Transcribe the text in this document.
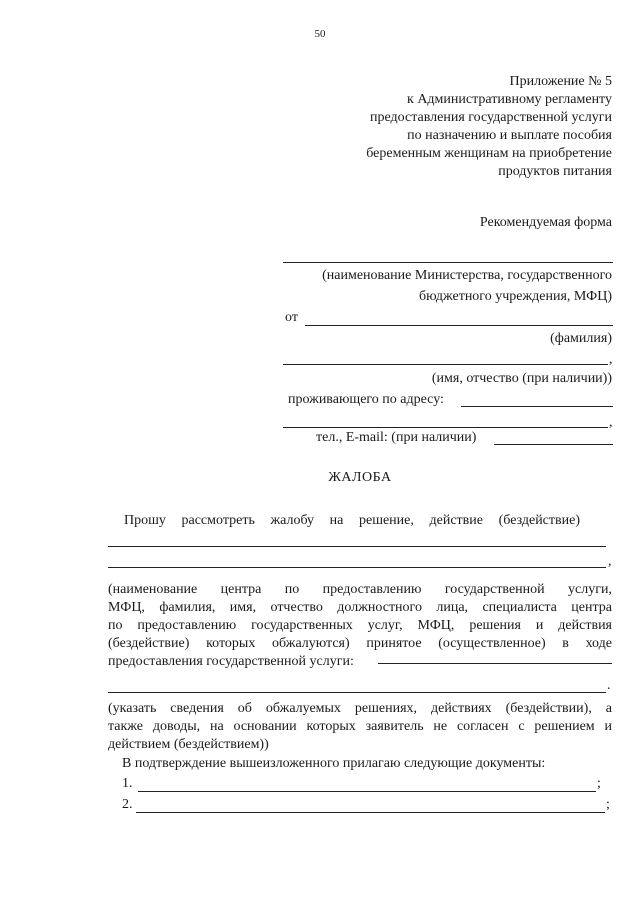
50
Приложение № 5
к Административному регламенту
предоставления государственной услуги
по назначению и выплате пособия
беременным женщинам на приобретение
продуктов питания
Рекомендуемая форма
(наименование Министерства, государственного
бюджетного учреждения, МФЦ)
от
(фамилия)
,
(имя, отчество (при наличии))
проживающего по адресу:
,
тел., E-mail: (при наличии)
ЖАЛОБА
Прошу рассмотреть жалобу на решение, действие (бездействие)
,
(наименование центра по предоставлению государственной услуги,
МФЦ, фамилия, имя, отчество должностного лица, специалиста центра
по предоставлению государственных услуг, МФЦ, решения и действия
(бездействие) которых обжалуются) принятое (осуществленное) в ходе
предоставления государственной услуги:
.
(указать сведения об обжалуемых решениях, действиях (бездействии), а
также доводы, на основании которых заявитель не согласен с решением и
действием (бездействием))
В подтверждение вышеизложенного прилагаю следующие документы:
1.	;
2.	;
